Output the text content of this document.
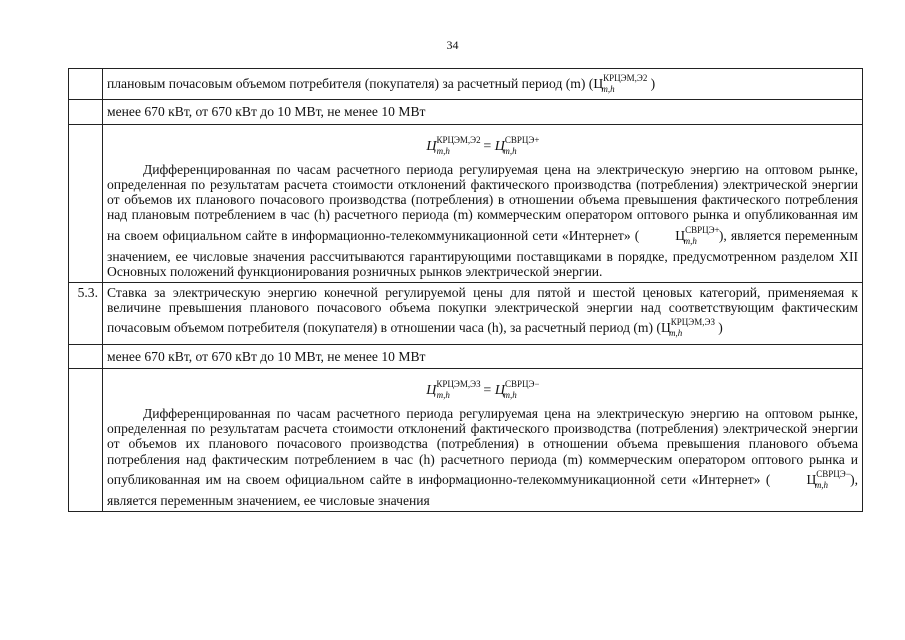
34
	плановым почасовым объемом потребителя (покупателя) за расчетный период (m) ($Ц^{КРЦЭМ,Э2}_{m,h}$ )
	менее 670 кВт, от 670 кВт до 10 МВт, не менее 10 МВт

	$Ц^{КРЦЭМ,Э2}_{m,h} = Ц^{СВРЦЭ+}_{m,h}$
Дифференцированная по часам расчетного периода регулируемая цена на электрическую энергию на оптовом рынке, определенная по результатам расчета стоимости отклонений фактического производства (потребления) электрической энергии от объемов их планового почасового производства (потребления) в отношении объема превышения фактического потребления над плановым потреблением в час (h) расчетного периода (m) коммерческим оператором оптового рынка и опубликованная им на своем официальном сайте в информационно-телекоммуникационной сети «Интернет» ( $Ц^{СВРЦЭ+}_{m,h}$ ), является переменным значением, ее числовые значения рассчитываются гарантирующими поставщиками в порядке, предусмотренном разделом XII Основных положений функционирования розничных рынков электрической энергии.

5.3.	Ставка за электрическую энергию конечной регулируемой цены для пятой и шестой ценовых категорий, применяемая к величине превышения планового почасового объема покупки электрической энергии над соответствующим фактическим почасовым объемом потребителя (покупателя) в отношении часа (h), за расчетный период (m) ($Ц^{КРЦЭМ,ЭЗ}_{m,h}$ )

	менее 670 кВт, от 670 кВт до 10 МВт, не менее 10 МВт

	$Ц^{КРЦЭМ,ЭЗ}_{m,h} = Ц^{СВРЦЭ-}_{m,h}$
Дифференцированная по часам расчетного периода регулируемая цена на электрическую энергию на оптовом рынке, определенная по результатам расчета стоимости отклонений фактического производства (потребления) электрической энергии от объемов их планового почасового производства (потребления) в отношении объема превышения планового объема потребления над фактическим потреблением в час (h) расчетного периода (m) коммерческим оператором оптового рынка и опубликованная им на своем официальном сайте в информационно-телекоммуникационной сети «Интернет» ( $Ц^{СВРЦЭ-}_{m,h}$ ), является переменным значением, ее числовые значения
